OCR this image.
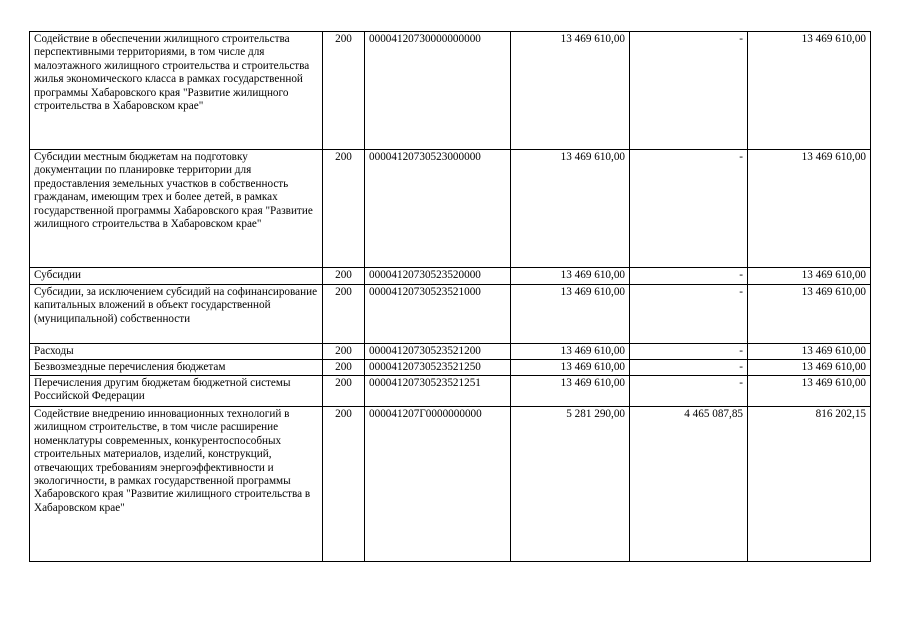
Содействие в обеспечении жилищного строительства перспективными территориями, в том числе для малоэтажного жилищного строительства и строительства жилья экономического класса в рамках государственной программы Хабаровского края "Развитие жилищного строительства в Хабаровском крае"	200	00004120730000000000	13 469 610,00	-	13 469 610,00
Субсидии местным бюджетам на подготовку документации по планировке территории для предоставления земельных участков в собственность гражданам, имеющим трех и более детей, в рамках государственной программы Хабаровского края "Развитие жилищного строительства в Хабаровском крае"	200	00004120730523000000	13 469 610,00	-	13 469 610,00
Субсидии	200	00004120730523520000	13 469 610,00	-	13 469 610,00
Субсидии, за исключением субсидий на софинансирование капитальных вложений в объект государственной (муниципальной) собственности	200	00004120730523521000	13 469 610,00	-	13 469 610,00
Расходы	200	00004120730523521200	13 469 610,00	-	13 469 610,00
Безвозмездные перечисления бюджетам	200	00004120730523521250	13 469 610,00	-	13 469 610,00
Перечисления другим бюджетам бюджетной системы Российской Федерации	200	00004120730523521251	13 469 610,00	-	13 469 610,00
Содействие внедрению инновационных технологий в жилищном строительстве, в том числе расширение номенклатуры современных, конкурентоспособных строительных материалов, изделий, конструкций, отвечающих требованиям энергоэффективности и экологичности, в рамках государственной программы Хабаровского края "Развитие жилищного строительства в Хабаровском крае"	200	000041207Г0000000000	5 281 290,00	4 465 087,85	816 202,15
